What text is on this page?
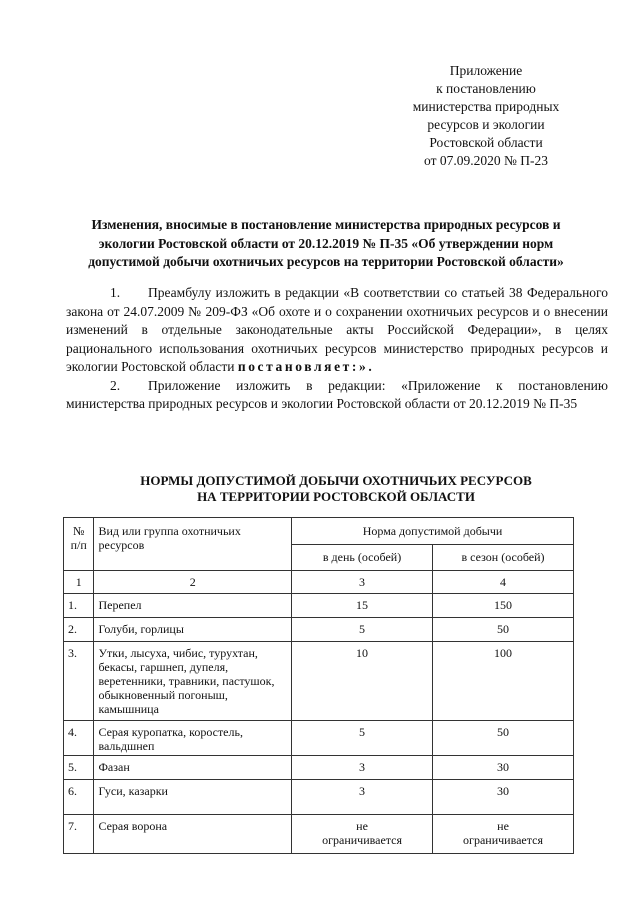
Приложение
к постановлению
министерства природных
ресурсов и экологии
Ростовской области
от 07.09.2020 № П-23
Изменения, вносимые в постановление министерства природных ресурсов и экологии Ростовской области от 20.12.2019 № П-35 «Об утверждении норм допустимой добычи охотничьих ресурсов на территории Ростовской области»

1. Преамбулу изложить в редакции «В соответствии со статьей 38 Федерального закона от 24.07.2009 № 209-ФЗ «Об охоте и о сохранении охотничьих ресурсов и о внесении изменений в отдельные законодательные акты Российской Федерации», в целях рационального использования охотничьих ресурсов министерство природных ресурсов и экологии Ростовской области постановляет:».

2. Приложение изложить в редакции: «Приложение к постановлению министерства природных ресурсов и экологии Ростовской области от 20.12.2019 № П-35

НОРМЫ ДОПУСТИМОЙ ДОБЫЧИ ОХОТНИЧЬИХ РЕСУРСОВ
НА ТЕРРИТОРИИ РОСТОВСКОЙ ОБЛАСТИ
№ п/п	Вид или группа охотничьих ресурсов	Норма допустимой добычи	
		в день (особей)	в сезон (особей)
1	2	3	4
1.	Перепел	15	150
2.	Голуби, горлицы	5	50
3.	Утки, лысуха, чибис, турухтан, бекасы, гаршнеп, дупеля, веретенники, травники, пастушок, обыкновенный погоныш, камышница	10	100
4.	Серая куропатка, коростель, вальдшнеп	5	50
5.	Фазан	3	30
6.	Гуси, казарки	3	30
7.	Серая ворона	не ограничивается	не ограничивается
